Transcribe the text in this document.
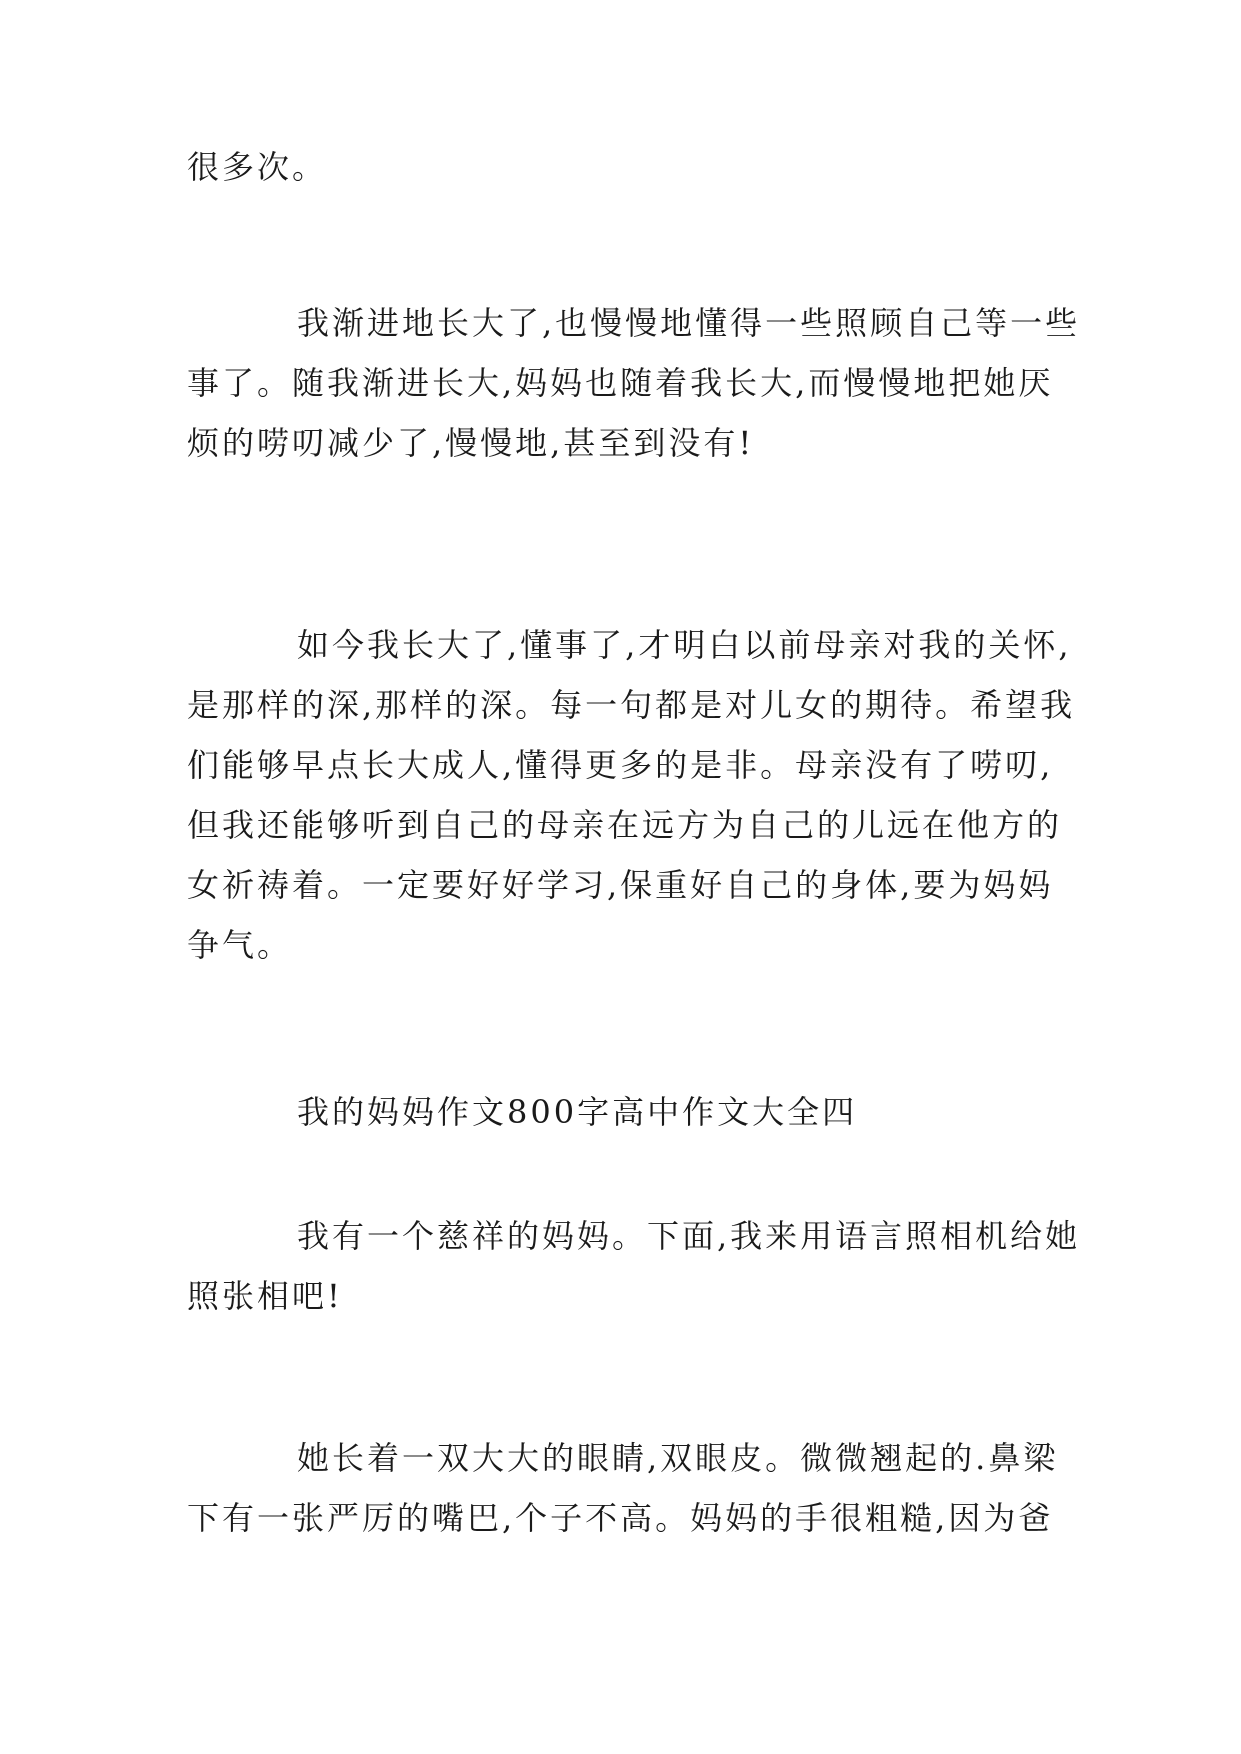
很多次。

我渐进地长大了,也慢慢地懂得一些照顾自己等一些
事了。随我渐进长大,妈妈也随着我长大,而慢慢地把她厌
烦的唠叨减少了,慢慢地,甚至到没有!

如今我长大了,懂事了,才明白以前母亲对我的关怀,
是那样的深,那样的深。每一句都是对儿女的期待。希望我
们能够早点长大成人,懂得更多的是非。母亲没有了唠叨,
但我还能够听到自己的母亲在远方为自己的儿远在他方的
女祈祷着。一定要好好学习,保重好自己的身体,要为妈妈
争气。

我的妈妈作文800字高中作文大全四

我有一个慈祥的妈妈。下面,我来用语言照相机给她
照张相吧!

她长着一双大大的眼睛,双眼皮。微微翘起的.鼻梁
下有一张严厉的嘴巴,个子不高。妈妈的手很粗糙,因为爸
